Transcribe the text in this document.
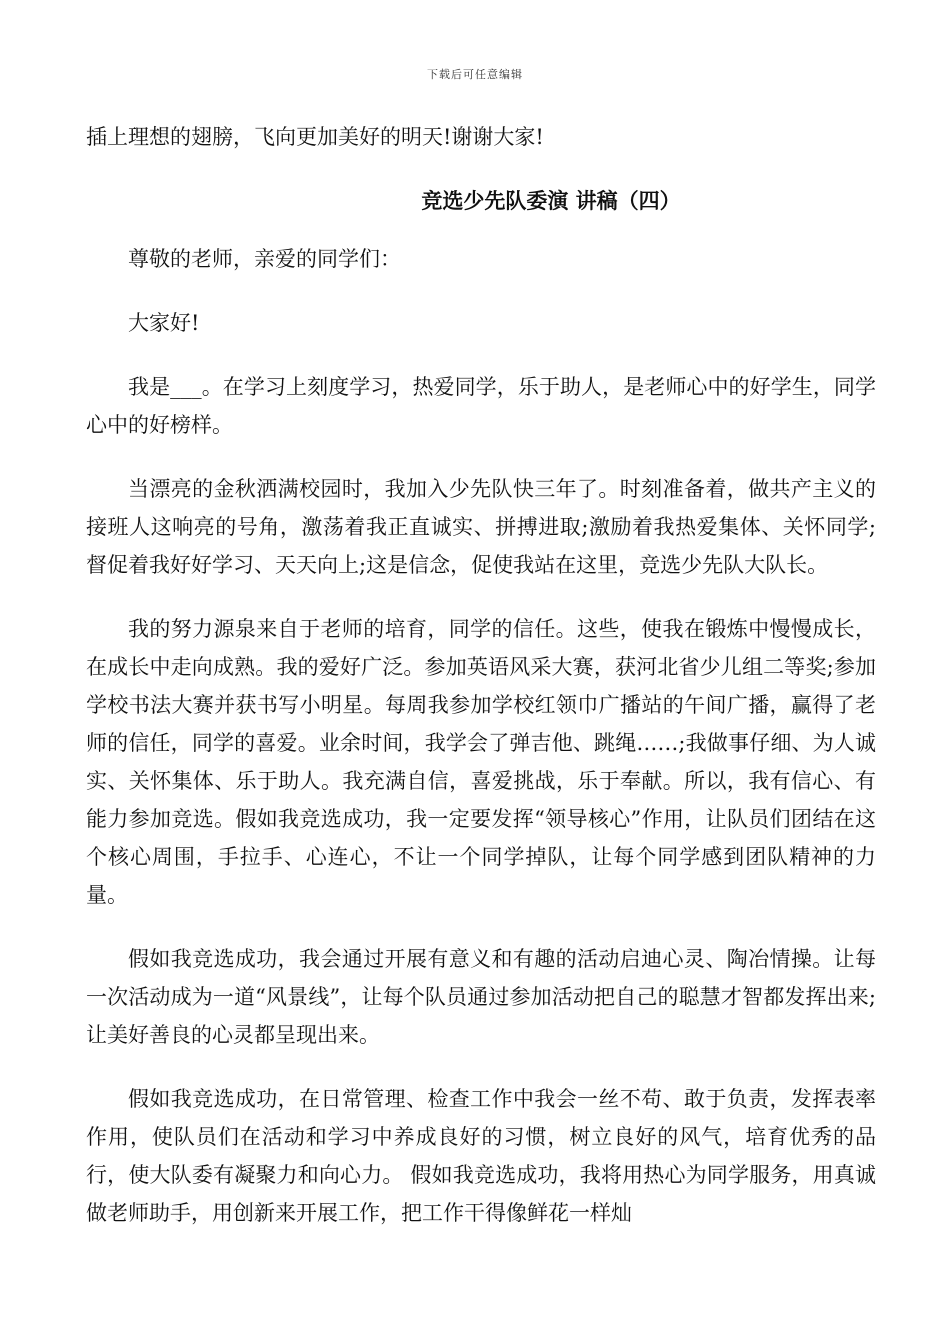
下载后可任意编辑

插上理想的翅膀，飞向更加美好的明天!谢谢大家!

竞选少先队委演 讲稿（四）

尊敬的老师，亲爱的同学们：

大家好!

我是___。在学习上刻度学习，热爱同学，乐于助人，是老师心中的好学生，同学心中的好榜样。

当漂亮的金秋洒满校园时，我加入少先队快三年了。时刻准备着，做共产主义的接班人这响亮的号角，激荡着我正直诚实、拼搏进取;激励着我热爱集体、关怀同学;督促着我好好学习、天天向上;这是信念，促使我站在这里，竞选少先队大队长。

我的努力源泉来自于老师的培育，同学的信任。这些，使我在锻炼中慢慢成长，在成长中走向成熟。我的爱好广泛。参加英语风采大赛，获河北省少儿组二等奖;参加学校书法大赛并获书写小明星。每周我参加学校红领巾广播站的午间广播，赢得了老师的信任，同学的喜爱。业余时间，我学会了弹吉他、跳绳……;我做事仔细、为人诚实、关怀集体、乐于助人。我充满自信，喜爱挑战，乐于奉献。所以，我有信心、有能力参加竞选。假如我竞选成功，我一定要发挥“领导核心”作用，让队员们团结在这个核心周围，手拉手、心连心，不让一个同学掉队，让每个同学感到团队精神的力量。

假如我竞选成功，我会通过开展有意义和有趣的活动启迪心灵、陶冶情操。让每一次活动成为一道“风景线”，让每个队员通过参加活动把自己的聪慧才智都发挥出来;让美好善良的心灵都呈现出来。

假如我竞选成功，在日常管理、检查工作中我会一丝不苟、敢于负责，发挥表率作用，使队员们在活动和学习中养成良好的习惯，树立良好的风气，培育优秀的品行，使大队委有凝聚力和向心力。 假如我竞选成功，我将用热心为同学服务，用真诚做老师助手，用创新来开展工作，把工作干得像鲜花一样灿
